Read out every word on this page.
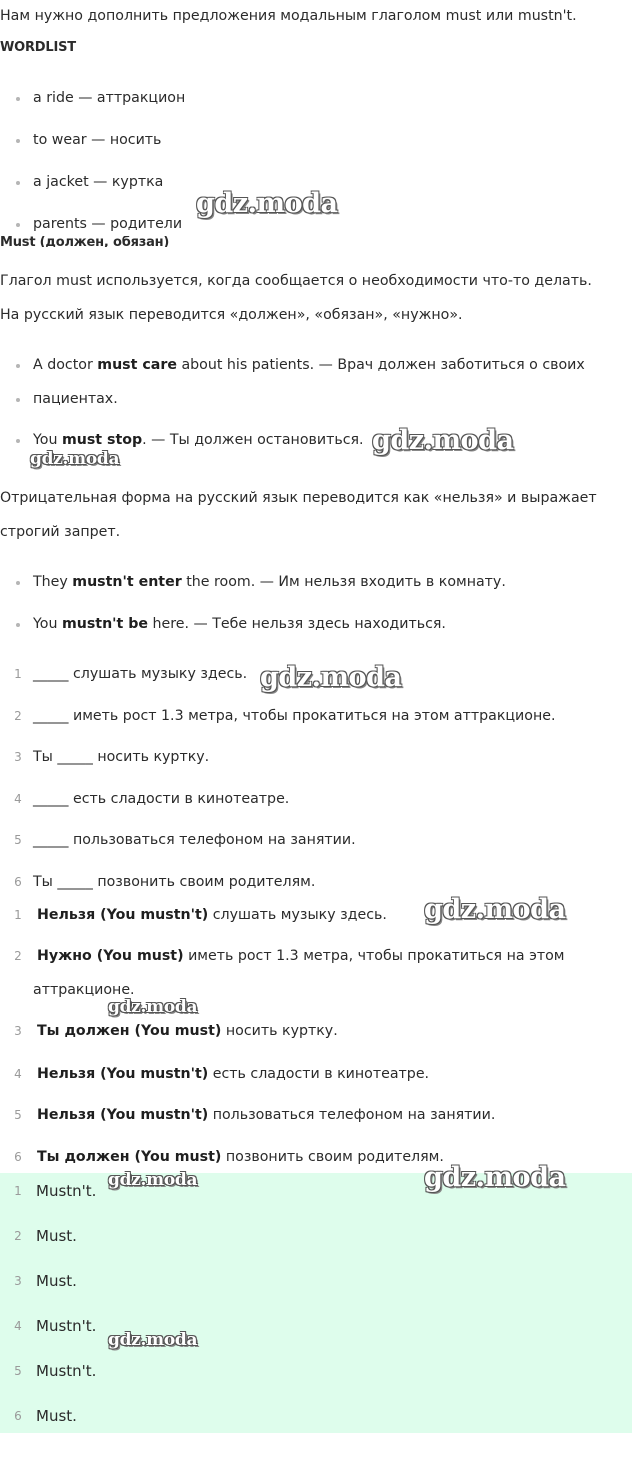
Нам нужно дополнить предложения модальным глаголом must или mustn't.
WORDLIST
a ride — аттракцион
to wear — носить
a jacket — куртка
parents — родители
Must (должен, обязан)
Глагол must используется, когда сообщается о необходимости что-то делать.
На русский язык переводится «должен», «обязан», «нужно».
A doctor must care about his patients. — Врач должен заботиться о своих
пациентах.
You must stop. — Ты должен остановиться.
Отрицательная форма на русский язык переводится как «нельзя» и выражает
строгий запрет.
They mustn't enter the room. — Им нельзя входить в комнату.
You mustn't be here. — Тебе нельзя здесь находиться.
1 _____ слушать музыку здесь.
2 _____ иметь рост 1.3 метра, чтобы прокатиться на этом аттракционе.
3 Ты _____ носить куртку.
4 _____ есть сладости в кинотеатре.
5 _____ пользоваться телефоном на занятии.
6 Ты _____ позвонить своим родителям.
1 Нельзя (You mustn't) слушать музыку здесь.
2 Нужно (You must) иметь рост 1.3 метра, чтобы прокатиться на этом
аттракционе.
3 Ты должен (You must) носить куртку.
4 Нельзя (You mustn't) есть сладости в кинотеатре.
5 Нельзя (You mustn't) пользоваться телефоном на занятии.
6 Ты должен (You must) позвонить своим родителям.
1 Mustn't.
2 Must.
3 Must.
4 Mustn't.
5 Mustn't.
6 Must.
gdz.moda
gdz.moda
gdz.moda
gdz.moda
gdz.moda
gdz.moda
gdz.moda	gdz.moda
gdz.moda
